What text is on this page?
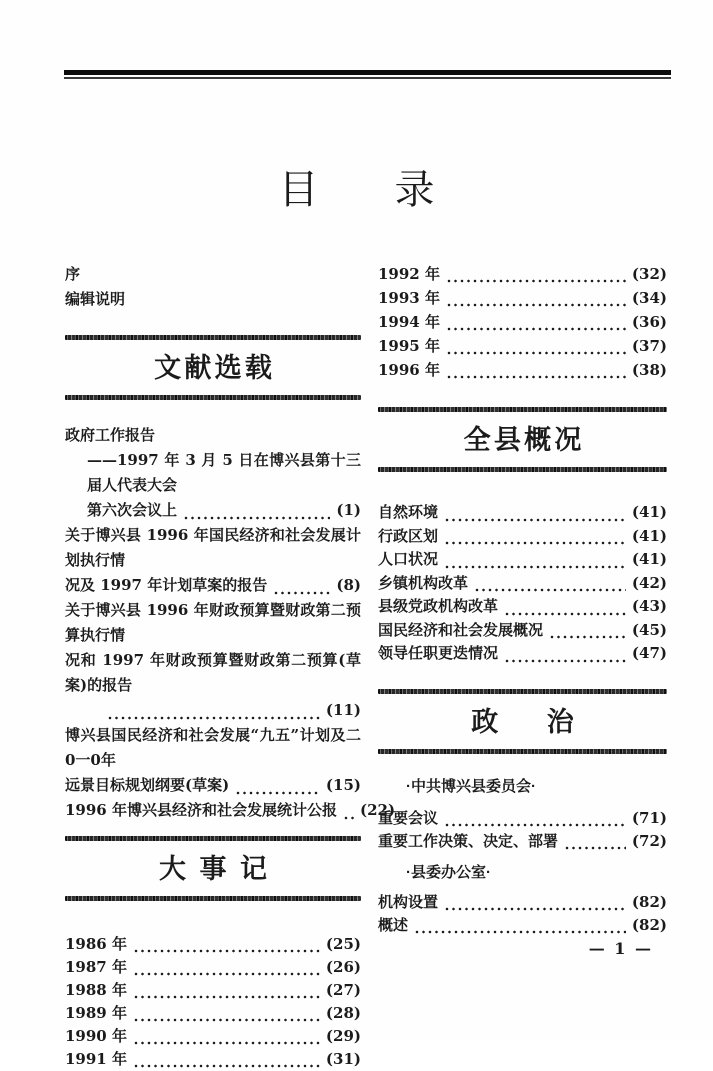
目录
序
编辑说明
文献选载
政府工作报告
——1997 年 3 月 5 日在博兴县第十三届人代表大会
第六次会议上	(1)
关于博兴县 1996 年国民经济和社会发展计划执行情
况及 1997 年计划草案的报告	(8)
关于博兴县 1996 年财政预算暨财政第二预算执行情
况和 1997 年财政预算暨财政第二预算(草案)的报告
(11)
博兴县国民经济和社会发展“九五”计划及二0一0年
远景目标规划纲要(草案)	(15)
1996 年博兴县经济和社会发展统计公报 (22)
大事记
1986 年	(25)
1987 年	(26)
1988 年	(27)
1989 年	(28)
1990 年	(29)
1991 年	(31)
1992 年	(32)
1993 年	(34)
1994 年	(36)
1995 年	(37)
1996 年	(38)
全县概况
自然环境	(41)
行政区划	(41)
人口状况	(41)
乡镇机构改革	(42)
县级党政机构改革	(43)
国民经济和社会发展概况	(45)
领导任职更迭情况	(47)
政治
·中共博兴县委员会·
重要会议	(71)
重要工作决策、决定、部署	(72)
·县委办公室·
机构设置	(82)
概述	(82)
— 1 —
